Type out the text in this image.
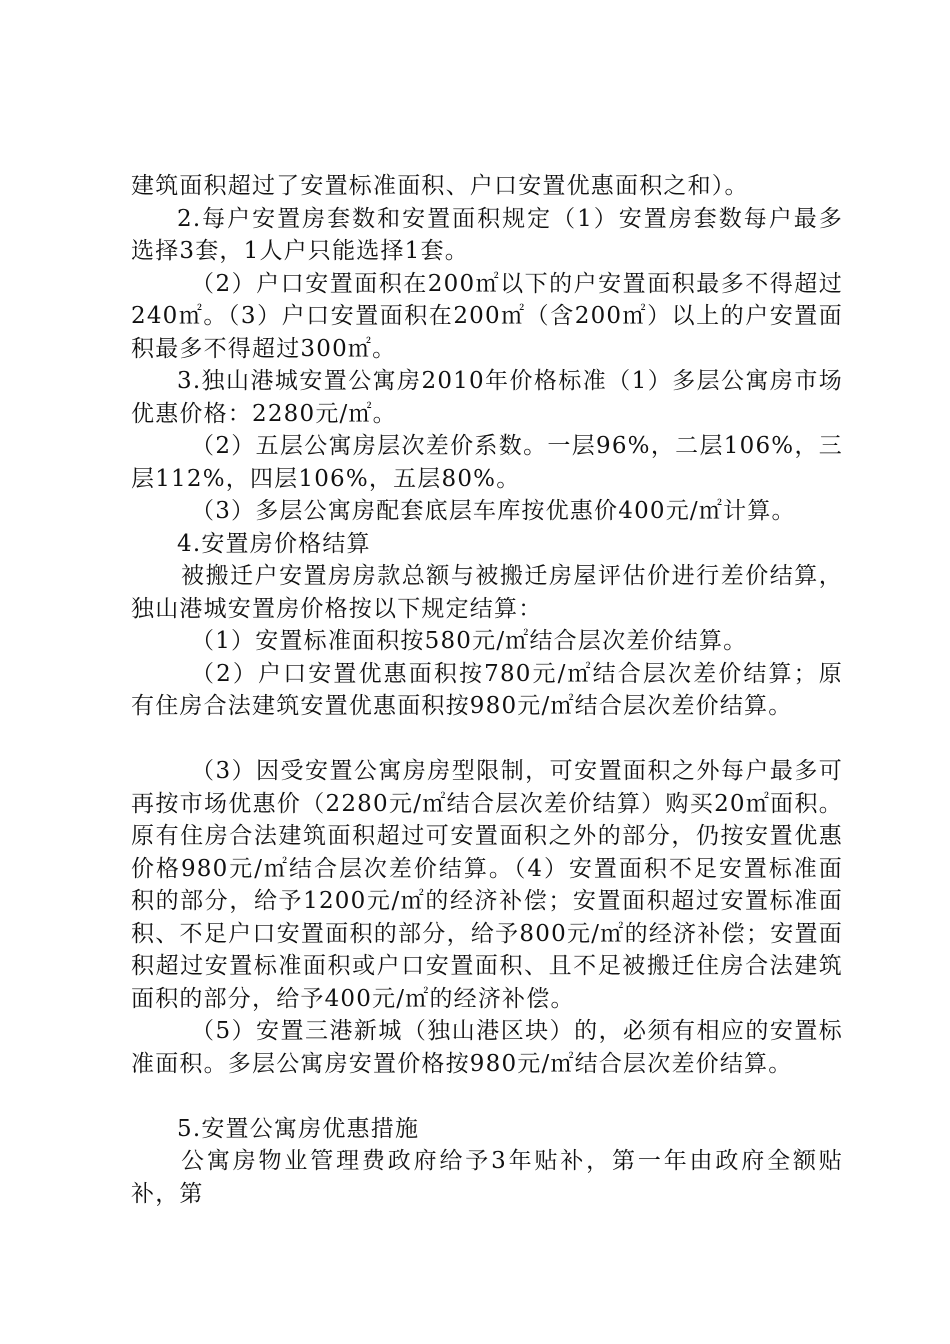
建筑面积超过了安置标准面积、户口安置优惠面积之和）。

2.每户安置房套数和安置面积规定（1）安置房套数每户最多选择3套，1人户只能选择1套。

（2）户口安置面积在200㎡以下的户安置面积最多不得超过240㎡。（3）户口安置面积在200㎡（含200㎡）以上的户安置面积最多不得超过300㎡。

3.独山港城安置公寓房2010年价格标准（1）多层公寓房市场优惠价格：2280元/㎡。

（2）五层公寓房层次差价系数。一层96%，二层106%，三层112%，四层106%，五层80%。

（3）多层公寓房配套底层车库按优惠价400元/㎡计算。

4.安置房价格结算

被搬迁户安置房房款总额与被搬迁房屋评估价进行差价结算，独山港城安置房价格按以下规定结算：

（1）安置标准面积按580元/㎡结合层次差价结算。

（2）户口安置优惠面积按780元/㎡结合层次差价结算；原有住房合法建筑安置优惠面积按980元/㎡结合层次差价结算。

（3）因受安置公寓房房型限制，可安置面积之外每户最多可再按市场优惠价（2280元/㎡结合层次差价结算）购买20㎡面积。原有住房合法建筑面积超过可安置面积之外的部分，仍按安置优惠价格980元/㎡结合层次差价结算。（4）安置面积不足安置标准面积的部分，给予1200元/㎡的经济补偿；安置面积超过安置标准面积、不足户口安置面积的部分，给予800元/㎡的经济补偿；安置面积超过安置标准面积或户口安置面积、且不足被搬迁住房合法建筑面积的部分，给予400元/㎡的经济补偿。

（5）安置三港新城（独山港区块）的，必须有相应的安置标准面积。多层公寓房安置价格按980元/㎡结合层次差价结算。

5.安置公寓房优惠措施

公寓房物业管理费政府给予3年贴补，第一年由政府全额贴补，第
